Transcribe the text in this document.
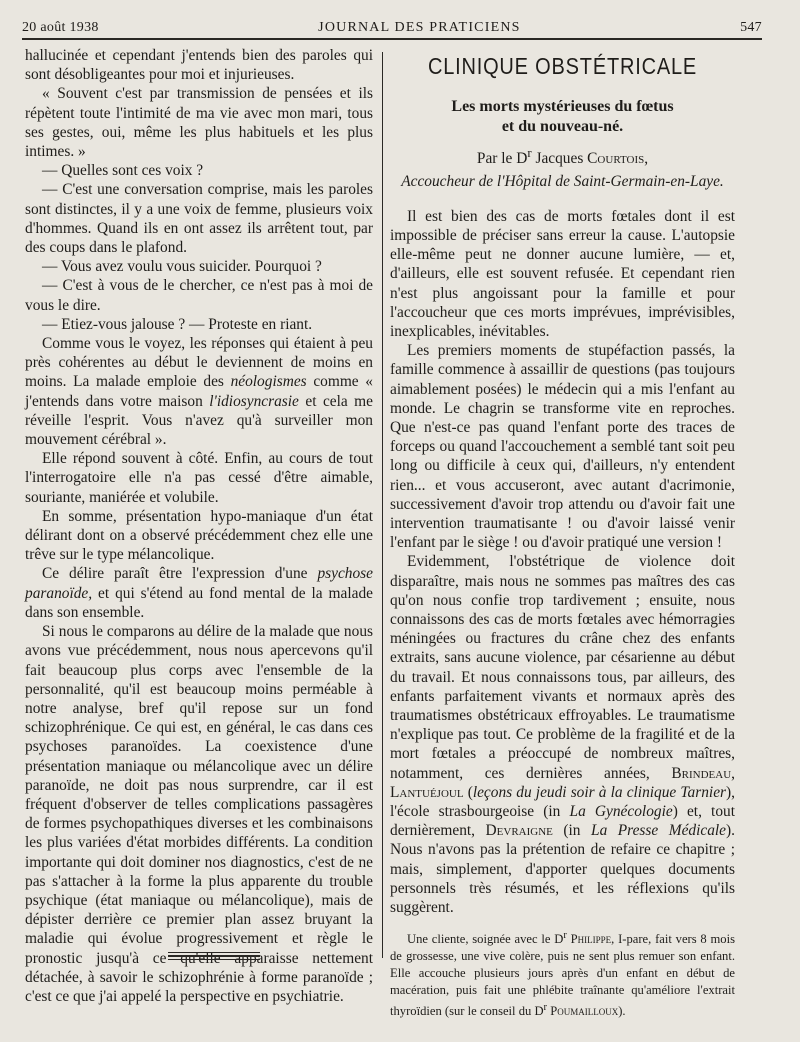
20 août 1938	JOURNAL DES PRATICIENS	547

hallucinée et cependant j'entends bien des paroles qui sont désobligeantes pour moi et injurieuses.

« Souvent c'est par transmission de pensées et ils répètent toute l'intimité de ma vie avec mon mari, tous ses gestes, oui, même les plus habituels et les plus intimes. »

— Quelles sont ces voix ?

— C'est une conversation comprise, mais les paroles sont distinctes, il y a une voix de femme, plusieurs voix d'hommes. Quand ils en ont assez ils arrêtent tout, par des coups dans le plafond.

— Vous avez voulu vous suicider. Pourquoi ?

— C'est à vous de le chercher, ce n'est pas à moi de vous le dire.

— Etiez-vous jalouse ? — Proteste en riant.

Comme vous le voyez, les réponses qui étaient à peu près cohérentes au début le deviennent de moins en moins. La malade emploie des néologismes comme « j'entends dans votre maison l'idiosyncrasie et cela me réveille l'esprit. Vous n'avez qu'à surveiller mon mouvement cérébral ».

Elle répond souvent à côté. Enfin, au cours de tout l'interrogatoire elle n'a pas cessé d'être aimable, souriante, maniérée et volubile.

En somme, présentation hypo-maniaque d'un état délirant dont on a observé précédemment chez elle une trêve sur le type mélancolique.

Ce délire paraît être l'expression d'une psychose paranoïde, et qui s'étend au fond mental de la malade dans son ensemble.

Si nous le comparons au délire de la malade que nous avons vue précédemment, nous nous apercevons qu'il fait beaucoup plus corps avec l'ensemble de la personnalité, qu'il est beaucoup moins perméable à notre analyse, bref qu'il repose sur un fond schizophrénique. Ce qui est, en général, le cas dans ces psychoses paranoïdes. La coexistence d'une présentation maniaque ou mélancolique avec un délire paranoïde, ne doit pas nous surprendre, car il est fréquent d'observer de telles complications passagères de formes psychopathiques diverses et les combinaisons les plus variées d'état morbides différents. La condition importante qui doit dominer nos diagnostics, c'est de ne pas s'attacher à la forme la plus apparente du trouble psychique (état maniaque ou mélancolique), mais de dépister derrière ce premier plan assez bruyant la maladie qui évolue progressivement et règle le pronostic jusqu'à ce qu'elle apparaisse nettement détachée, à savoir le schizophrénie à forme paranoïde ; c'est ce que j'ai appelé la perspective en psychiatrie.

CLINIQUE OBSTÉTRICALE
Les morts mystérieuses du fœtus
et du nouveau-né.
Par le $D^r$ Jacques Courtois,
Accoucheur de l'Hôpital de Saint-Germain-en-Laye.

Il est bien des cas de morts fœtales dont il est impossible de préciser sans erreur la cause. L'autopsie elle-même peut ne donner aucune lumière, — et, d'ailleurs, elle est souvent refusée. Et cependant rien n'est plus angoissant pour la famille et pour l'accoucheur que ces morts imprévues, imprévisibles, inexplicables, inévitables.

Les premiers moments de stupéfaction passés, la famille commence à assaillir de questions (pas toujours aimablement posées) le médecin qui a mis l'enfant au monde. Le chagrin se transforme vite en reproches. Que n'est-ce pas quand l'enfant porte des traces de forceps ou quand l'accouchement a semblé tant soit peu long ou difficile à ceux qui, d'ailleurs, n'y entendent rien... et vous accuseront, avec autant d'acrimonie, successivement d'avoir trop attendu ou d'avoir fait une intervention traumatisante ! ou d'avoir laissé venir l'enfant par le siège ! ou d'avoir pratiqué une version !

Evidemment, l'obstétrique de violence doit disparaître, mais nous ne sommes pas maîtres des cas qu'on nous confie trop tardivement ; ensuite, nous connaissons des cas de morts fœtales avec hémorragies méningées ou fractures du crâne chez des enfants extraits, sans aucune violence, par césarienne au début du travail. Et nous connaissons tous, par ailleurs, des enfants parfaitement vivants et normaux après des traumatismes obstétricaux effroyables. Le traumatisme n'explique pas tout. Ce problème de la fragilité et de la mort fœtales a préoccupé de nombreux maîtres, notamment, ces dernières années, Brindeau, Lantuéjoul (leçons du jeudi soir à la clinique Tarnier), l'école strasbourgeoise (in La Gynécologie) et, tout dernièrement, Devraigne (in La Presse Médicale). Nous n'avons pas la prétention de refaire ce chapitre ; mais, simplement, d'apporter quelques documents personnels très résumés, et les réflexions qu'ils suggèrent.

Une cliente, soignée avec le $D^r$ Philippe, I-pare, fait vers 8 mois de grossesse, une vive colère, puis ne sent plus remuer son enfant. Elle accouche plusieurs jours après d'un enfant en début de macération, puis fait une phlébite traînante qu'améliore l'extrait thyroïdien (sur le conseil du $D^r$ Poumailloux).
